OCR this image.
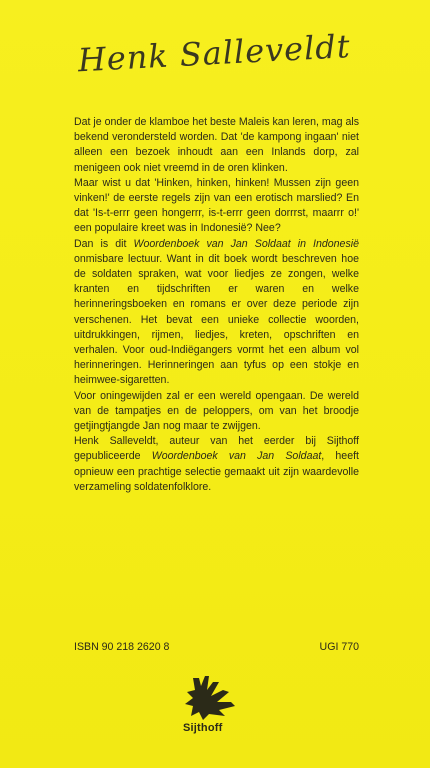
Henk Salleveldt

Dat je onder de klamboe het beste Maleis kan leren, mag als bekend verondersteld worden. Dat 'de kampong ingaan' niet alleen een bezoek inhoudt aan een Inlands dorp, zal menigeen ook niet vreemd in de oren klinken.

Maar wist u dat 'Hinken, hinken, hinken! Mussen zijn geen vinken!' de eerste regels zijn van een erotisch marslied? En dat 'Is-t-errr geen hongerrr, is-t-errr geen dorrrst, maarrr o!' een populaire kreet was in Indonesië? Nee?

Dan is dit Woordenboek van Jan Soldaat in Indonesië onmisbare lectuur. Want in dit boek wordt beschreven hoe de soldaten spraken, wat voor liedjes ze zongen, welke kranten en tijdschriften er waren en welke herinneringsboeken en romans er over deze periode zijn verschenen. Het bevat een unieke collectie woorden, uitdrukkingen, rijmen, liedjes, kreten, opschriften en verhalen. Voor oud-Indiëgangers vormt het een album vol herinneringen. Herinneringen aan tyfus op een stokje en heimwee-sigaretten.

Voor oningewijden zal er een wereld opengaan. De wereld van de tampatjes en de peloppers, om van het broodje getjingtjangde Jan nog maar te zwijgen.

Henk Salleveldt, auteur van het eerder bij Sijthoff gepubliceerde Woordenboek van Jan Soldaat, heeft opnieuw een prachtige selectie gemaakt uit zijn waardevolle verzameling soldatenfolklore.

ISBN 90 218 2620 8	UGI 770
Sijthoff
